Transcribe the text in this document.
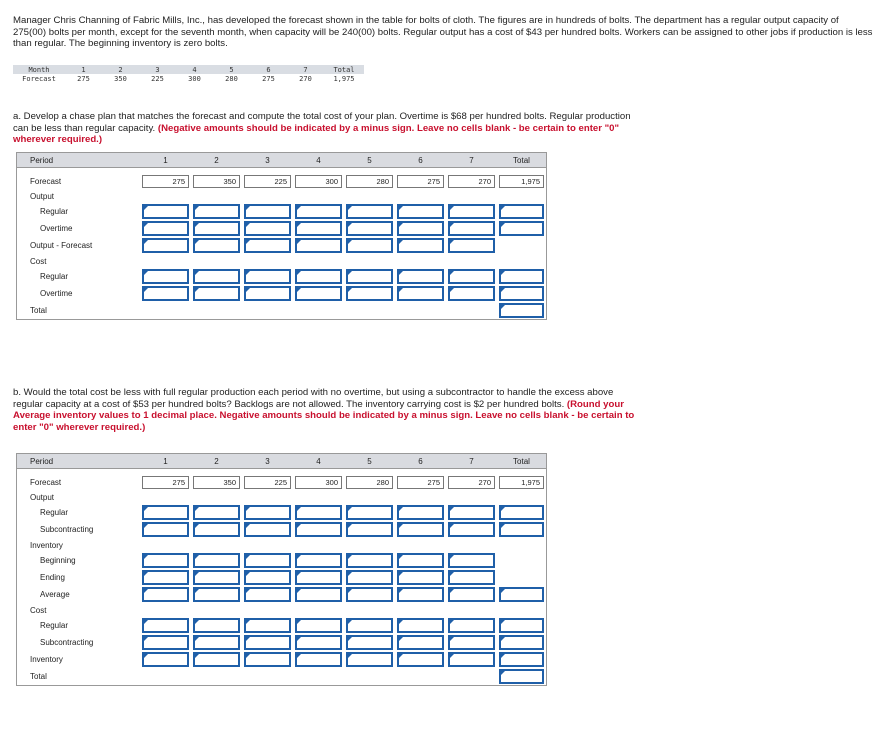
Manager Chris Channing of Fabric Mills, Inc., has developed the forecast shown in the table for bolts of cloth. The figures are in hundreds of bolts. The department has a regular output capacity of 275(00) bolts per month, except for the seventh month, when capacity will be 240(00) bolts. Regular output has a cost of $43 per hundred bolts. Workers can be assigned to other jobs if production is less than regular. The beginning inventory is zero bolts.
Month	1	2	3	4	5	6	7	Total
Forecast	275	350	225	300	280	275	270	1,975
a. Develop a chase plan that matches the forecast and compute the total cost of your plan. Overtime is $68 per hundred bolts. Regular production can be less than regular capacity. (Negative amounts should be indicated by a minus sign. Leave no cells blank - be certain to enter "0" wherever required.)
Period	1	2	3	4	5	6	7	Total

Forecast	275	350	225	300	280	275	270	1,975

Output								
Regular	

Overtime	

Output - Forecast	

Cost								
Regular	

Overtime	

Total								
b. Would the total cost be less with full regular production each period with no overtime, but using a subcontractor to handle the excess above regular capacity at a cost of $53 per hundred bolts? Backlogs are not allowed. The inventory carrying cost is $2 per hundred bolts. (Round your Average inventory values to 1 decimal place. Negative amounts should be indicated by a minus sign. Leave no cells blank - be certain to enter "0" wherever required.)
Period	1	2	3	4	5	6	7	Total

Forecast	275	350	225	300	280	275	270	1,975

Output								
Regular	

Subcontracting	

Inventory								
Beginning	

Ending	

Average	

Cost								
Regular	

Subcontracting	

Inventory	

Total								
